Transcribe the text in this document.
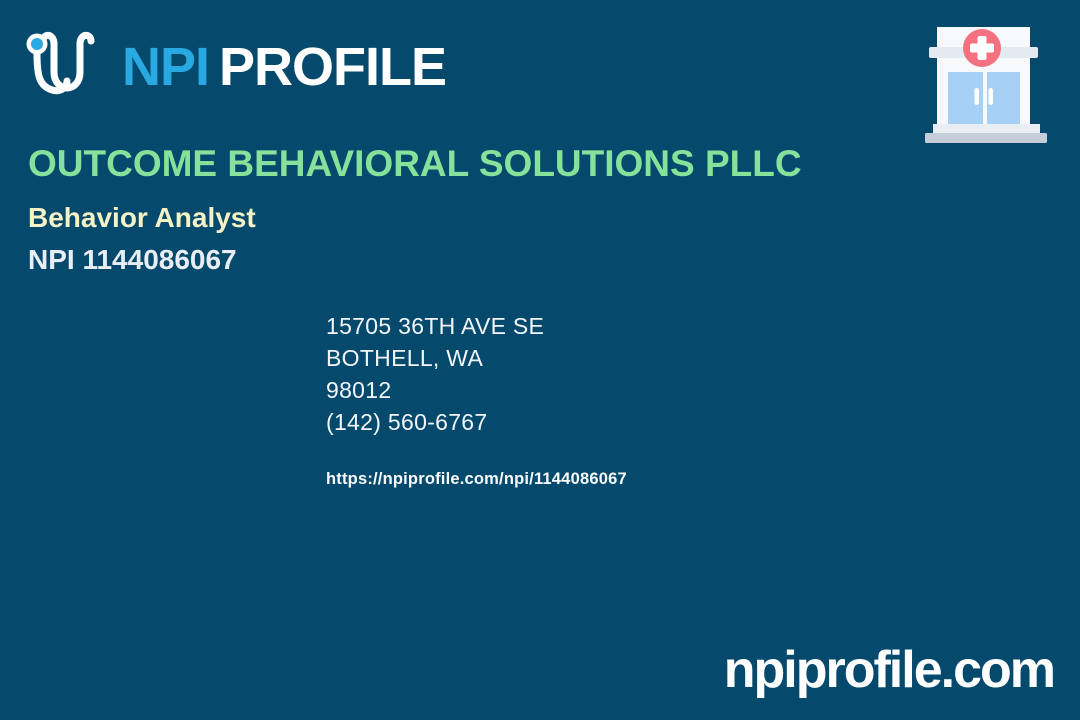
NPI PROFILE
OUTCOME BEHAVIORAL SOLUTIONS PLLC
Behavior Analyst
NPI 1144086067
15705 36TH AVE SE
BOTHELL, WA
98012
(142) 560-6767
https://npiprofile.com/npi/1144086067
npiprofile.com
